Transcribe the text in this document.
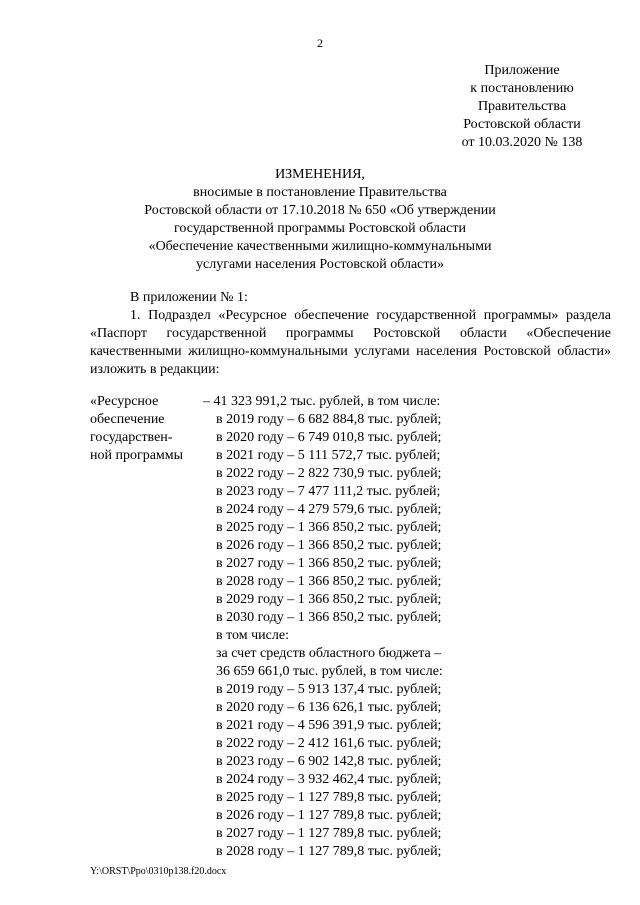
2
Приложение
к постановлению
Правительства
Ростовской области
от 10.03.2020 № 138
ИЗМЕНЕНИЯ,
вносимые в постановление Правительства
Ростовской области от 17.10.2018 № 650 «Об утверждении
государственной программы Ростовской области
«Обеспечение качественными жилищно-коммунальными
услугами населения Ростовской области»
В приложении № 1:
1. Подраздел «Ресурсное обеспечение государственной программы» раздела «Паспорт государственной программы Ростовской области «Обеспечение качественными жилищно-коммунальными услугами населения Ростовской области» изложить в редакции:
«Ресурсное
обеспечение
государствен-
ной программы
– 41 323 991,2 тыс. рублей, в том числе:
в 2019 году – 6 682 884,8 тыс. рублей;
в 2020 году – 6 749 010,8 тыс. рублей;
в 2021 году – 5 111 572,7 тыс. рублей;
в 2022 году – 2 822 730,9 тыс. рублей;
в 2023 году – 7 477 111,2 тыс. рублей;
в 2024 году – 4 279 579,6 тыс. рублей;
в 2025 году – 1 366 850,2 тыс. рублей;
в 2026 году – 1 366 850,2 тыс. рублей;
в 2027 году – 1 366 850,2 тыс. рублей;
в 2028 году – 1 366 850,2 тыс. рублей;
в 2029 году – 1 366 850,2 тыс. рублей;
в 2030 году – 1 366 850,2 тыс. рублей;
в том числе:
за счет средств областного бюджета –
36 659 661,0 тыс. рублей, в том числе:
в 2019 году – 5 913 137,4 тыс. рублей;
в 2020 году – 6 136 626,1 тыс. рублей;
в 2021 году – 4 596 391,9 тыс. рублей;
в 2022 году – 2 412 161,6 тыс. рублей;
в 2023 году – 6 902 142,8 тыс. рублей;
в 2024 году – 3 932 462,4 тыс. рублей;
в 2025 году – 1 127 789,8 тыс. рублей;
в 2026 году – 1 127 789,8 тыс. рублей;
в 2027 году – 1 127 789,8 тыс. рублей;
в 2028 году – 1 127 789,8 тыс. рублей;
Y:\ORST\Ppo\0310p138.f20.docx
